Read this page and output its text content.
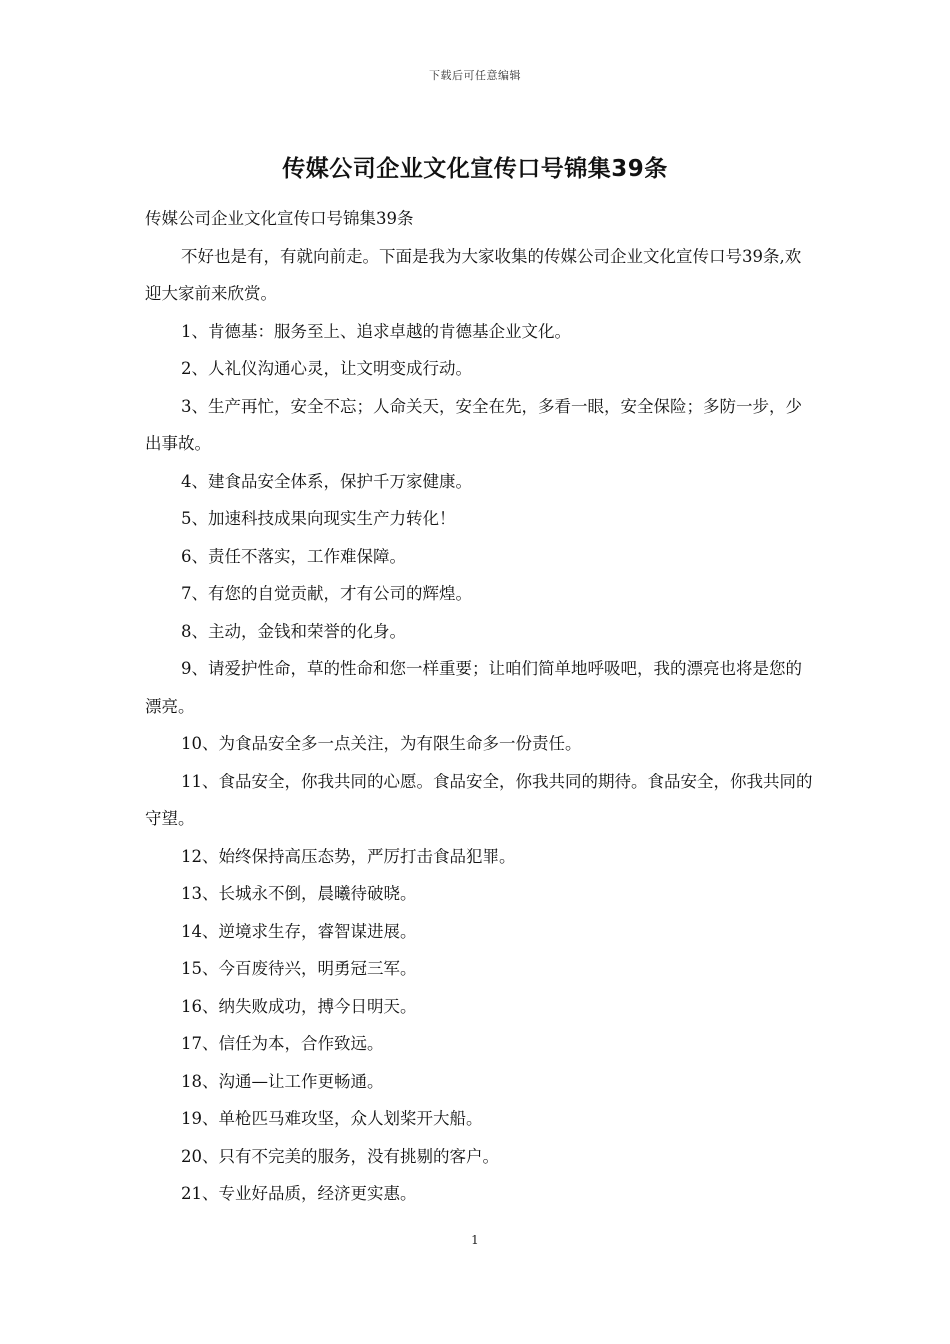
下载后可任意编辑
传媒公司企业文化宣传口号锦集39条

传媒公司企业文化宣传口号锦集39条

不好也是有，有就向前走。下面是我为大家收集的传媒公司企业文化宣传口号39条,欢迎大家前来欣赏。

1、肯德基：服务至上、追求卓越的肯德基企业文化。

2、人礼仪沟通心灵，让文明变成行动。

3、生产再忙，安全不忘；人命关天，安全在先，多看一眼，安全保险；多防一步，少出事故。

4、建食品安全体系，保护千万家健康。

5、加速科技成果向现实生产力转化！

6、责任不落实，工作难保障。

7、有您的自觉贡献，才有公司的辉煌。

8、主动，金钱和荣誉的化身。

9、请爱护性命，草的性命和您一样重要；让咱们简单地呼吸吧，我的漂亮也将是您的漂亮。

10、为食品安全多一点关注，为有限生命多一份责任。

11、食品安全，你我共同的心愿。食品安全，你我共同的期待。食品安全，你我共同的守望。

12、始终保持高压态势，严厉打击食品犯罪。

13、长城永不倒，晨曦待破晓。

14、逆境求生存，睿智谋进展。

15、今百废待兴，明勇冠三军。

16、纳失败成功，搏今日明天。

17、信任为本，合作致远。

18、沟通—让工作更畅通。

19、单枪匹马难攻坚，众人划桨开大船。

20、只有不完美的服务，没有挑剔的客户。

21、专业好品质，经济更实惠。

1
